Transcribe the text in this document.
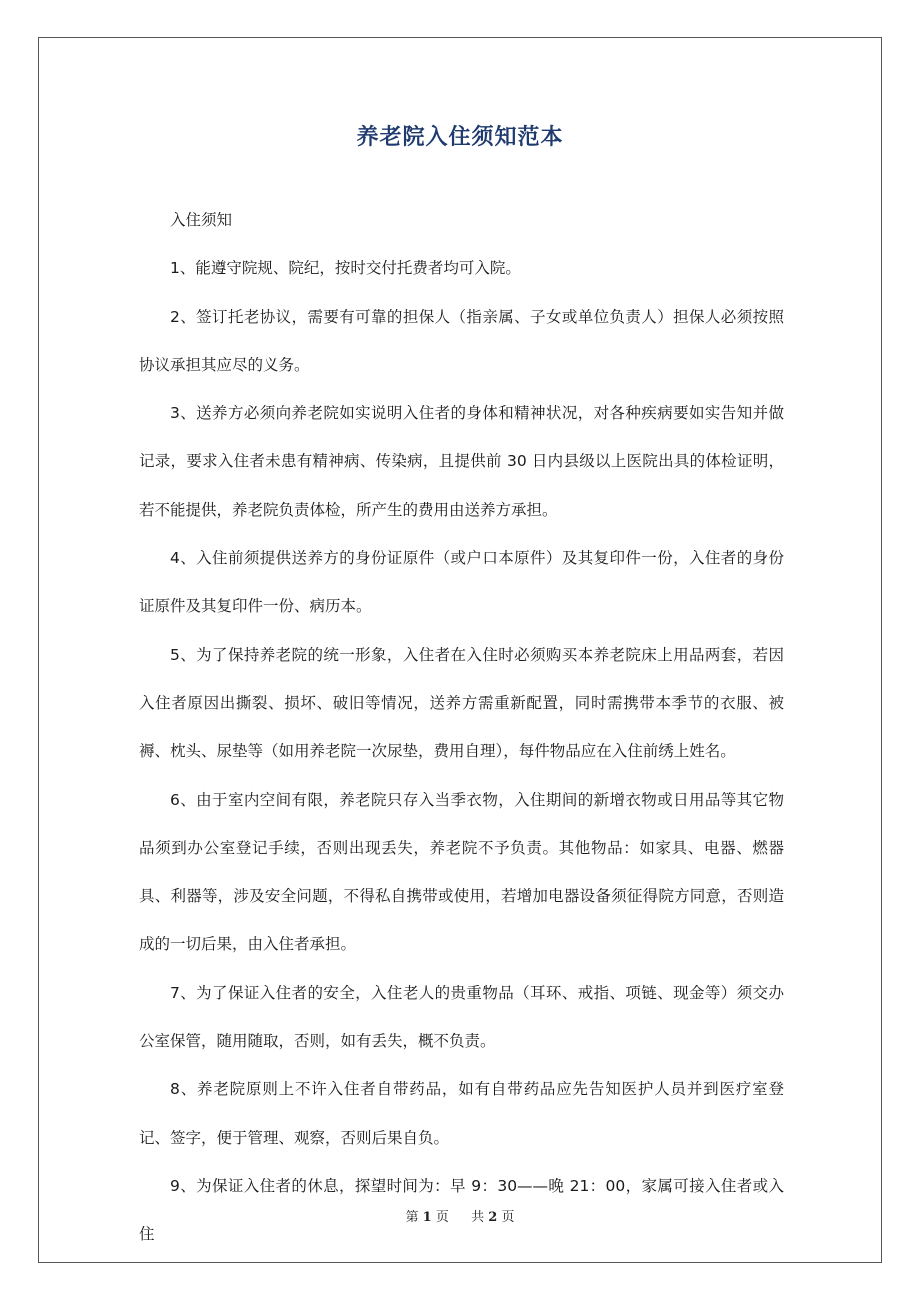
养老院入住须知范本

入住须知

1、能遵守院规、院纪，按时交付托费者均可入院。

2、签订托老协议，需要有可靠的担保人（指亲属、子女或单位负责人）担保人必须按照协议承担其应尽的义务。

3、送养方必须向养老院如实说明入住者的身体和精神状况，对各种疾病要如实告知并做记录，要求入住者未患有精神病、传染病，且提供前 30 日内县级以上医院出具的体检证明，若不能提供，养老院负责体检，所产生的费用由送养方承担。

4、入住前须提供送养方的身份证原件（或户口本原件）及其复印件一份，入住者的身份证原件及其复印件一份、病历本。

5、为了保持养老院的统一形象，入住者在入住时必须购买本养老院床上用品两套，若因入住者原因出撕裂、损坏、破旧等情况，送养方需重新配置，同时需携带本季节的衣服、被褥、枕头、尿垫等（如用养老院一次尿垫，费用自理），每件物品应在入住前绣上姓名。

6、由于室内空间有限，养老院只存入当季衣物，入住期间的新增衣物或日用品等其它物品须到办公室登记手续，否则出现丢失，养老院不予负责。其他物品：如家具、电器、燃器具、利器等，涉及安全问题，不得私自携带或使用，若增加电器设备须征得院方同意，否则造成的一切后果，由入住者承担。

7、为了保证入住者的安全，入住老人的贵重物品（耳环、戒指、项链、现金等）须交办公室保管，随用随取，否则，如有丢失，概不负责。

8、养老院原则上不许入住者自带药品，如有自带药品应先告知医护人员并到医疗室登记、签字，便于管理、观察，否则后果自负。

9、为保证入住者的休息，探望时间为：早 9：30——晚 21：00，家属可接入住者或入住

第 1 页 共 2 页
